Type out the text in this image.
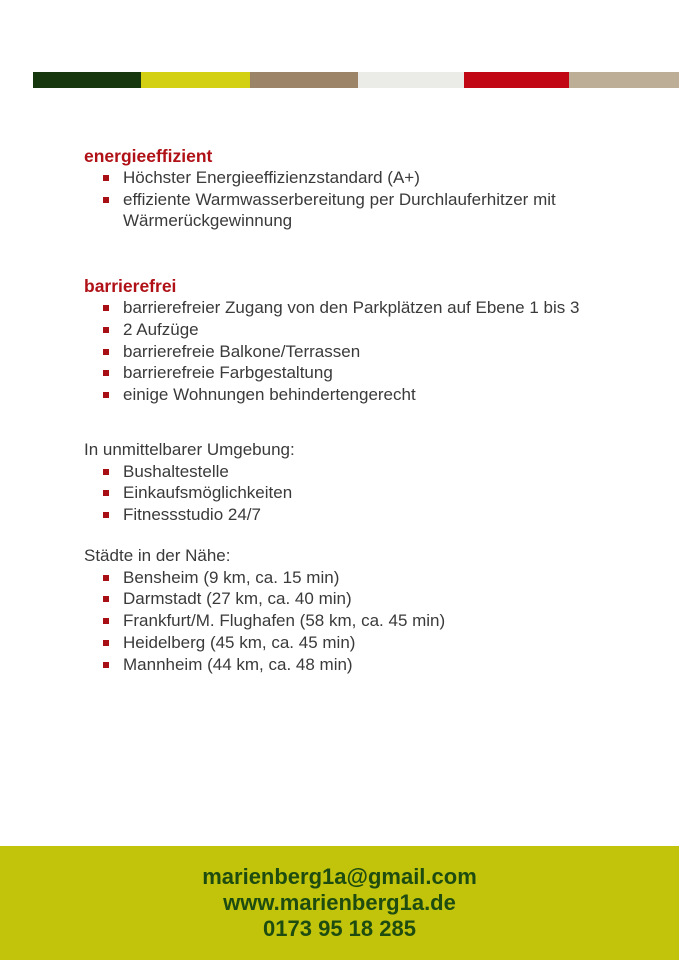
energieeffizient
Höchster Energieeffizienzstandard (A+)
effiziente Warmwasserbereitung per Durchlauferhitzer mit Wärmerückgewinnung
barrierefrei
barrierefreier Zugang von den Parkplätzen auf Ebene 1 bis 3
2 Aufzüge
barrierefreie Balkone/Terrassen
barrierefreie Farbgestaltung
einige Wohnungen behindertengerecht

In unmittelbarer Umgebung:

Bushaltestelle
Einkaufsmöglichkeiten
Fitnessstudio 24/7

Städte in der Nähe:

Bensheim (9 km, ca. 15 min)
Darmstadt (27 km, ca. 40 min)
Frankfurt/M. Flughafen (58 km, ca. 45 min)
Heidelberg (45 km, ca. 45 min)
Mannheim (44 km, ca. 48 min)
marienberg1a@gmail.com
www.marienberg1a.de
0173 95 18 285
